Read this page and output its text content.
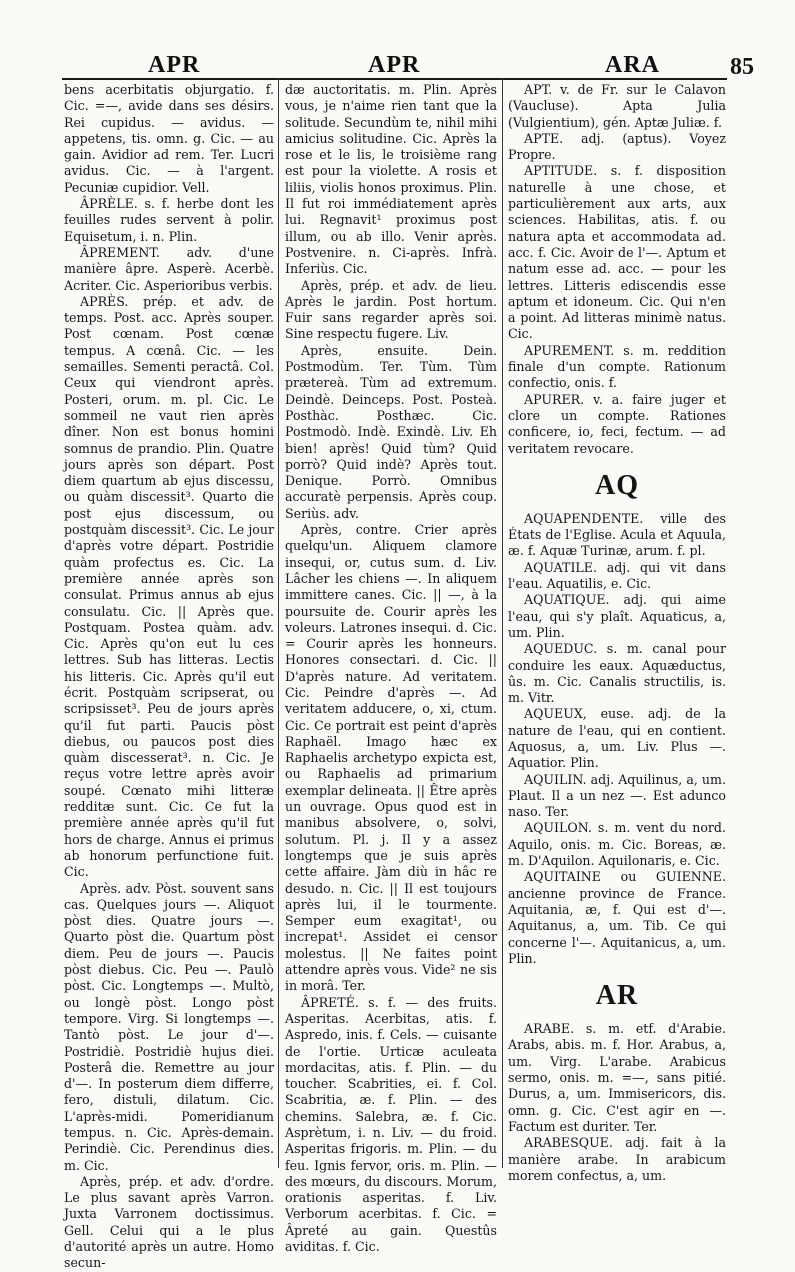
APR	APR	ARA	85

bens acerbitatis objurgatio. f. Cic. =—, avide dans ses désirs. Rei cupidus. — avidus. — appetens, tis. omn. g. Cic. — au gain. Avidior ad rem. Ter. Lucri avidus. Cic. — à l'argent. Pecuniæ cupidior. Vell.

ÂPRÈLE. s. f. herbe dont les feuilles rudes servent à polir. Equisetum, i. n. Plin.

ÂPREMENT. adv. d'une manière âpre. Asperè. Acerbè. Acriter. Cic. Asperioribus verbis.

APRÈS. prép. et adv. de temps. Post. acc. Après souper. Post cœnam. Post cœnæ tempus. A cœnâ. Cic. — les semailles. Sementi peractâ. Col. Ceux qui viendront après. Posteri, orum. m. pl. Cic. Le sommeil ne vaut rien après dîner. Non est bonus homini somnus de prandio. Plin. Quatre jours après son départ. Post diem quartum ab ejus discessu, ou quàm discessit³. Quarto die post ejus discessum, ou postquàm discessit³. Cic. Le jour d'après votre départ. Postridie quàm profectus es. Cic. La première année après son consulat. Primus annus ab ejus consulatu. Cic. || Après que. Postquam. Postea quàm. adv. Cic. Après qu'on eut lu ces lettres. Sub has litteras. Lectis his litteris. Cic. Après qu'il eut écrit. Postquàm scripserat, ou scripsisset³. Peu de jours après qu'il fut parti. Paucis pòst diebus, ou paucos post dies quàm discesserat³. n. Cic. Je reçus votre lettre après avoir soupé. Cœnato mihi litteræ redditæ sunt. Cic. Ce fut la première année après qu'il fut hors de charge. Annus ei primus ab honorum perfunctione fuit. Cic.

Après. adv. Pòst. souvent sans cas. Quelques jours —. Aliquot pòst dies. Quatre jours —. Quarto pòst die. Quartum pòst diem. Peu de jours —. Paucis pòst diebus. Cic. Peu —. Paulò pòst. Cic. Longtemps —. Multò, ou longè pòst. Longo pòst tempore. Virg. Si longtemps —. Tantò pòst. Le jour d'—. Postridiè. Postridiè hujus diei. Posterâ die. Remettre au jour d'—. In posterum diem differre, fero, distuli, dilatum. Cic. L'après-midi. Pomeridianum tempus. n. Cic. Après-demain. Perindiè. Cic. Perendinus dies. m. Cic.

Après, prép. et adv. d'ordre. Le plus savant après Varron. Juxta Varronem doctissimus. Gell. Celui qui a le plus d'autorité après un autre. Homo secun-

dæ auctoritatis. m. Plin. Après vous, je n'aime rien tant que la solitude. Secundùm te, nihil mihi amicius solitudine. Cic. Après la rose et le lis, le troisième rang est pour la violette. A rosis et liliis, violis honos proximus. Plin. Il fut roi immédiatement après lui. Regnavit¹ proximus post illum, ou ab illo. Venir après. Postvenire. n. Ci-après. Infrà. Inferiùs. Cic.

Après, prép. et adv. de lieu. Après le jardin. Post hortum. Fuir sans regarder après soi. Sine respectu fugere. Liv.

Après, ensuite. Dein. Postmodùm. Ter. Tùm. Tùm prætereà. Tùm ad extremum. Deindè. Deinceps. Post. Posteà. Posthàc. Posthæc. Cic. Postmodò. Indè. Exindè. Liv. Eh bien! après! Quid tùm? Quid porrò? Quid indè? Après tout. Denique. Porrò. Omnibus accuratè perpensis. Après coup. Seriùs. adv.

Après, contre. Crier après quelqu'un. Aliquem clamore insequi, or, cutus sum. d. Liv. Lâcher les chiens —. In aliquem immittere canes. Cic. || —, à la poursuite de. Courir après les voleurs. Latrones insequi. d. Cic. = Courir après les honneurs. Honores consectari. d. Cic. || D'après nature. Ad veritatem. Cic. Peindre d'après —. Ad veritatem adducere, o, xi, ctum. Cic. Ce portrait est peint d'après Raphaël. Imago hæc ex Raphaelis archetypo expicta est, ou Raphaelis ad primarium exemplar delineata. || Être après un ouvrage. Opus quod est in manibus absolvere, o, solvi, solutum. Pl. j. Il y a assez longtemps que je suis après cette affaire. Jàm diù in hâc re desudo. n. Cic. || Il est toujours après lui, il le tourmente. Semper eum exagitat¹, ou increpat¹. Assidet ei censor molestus. || Ne faites point attendre après vous. Vide² ne sis in morâ. Ter.

ÂPRETÉ. s. f. — des fruits. Asperitas. Acerbitas, atis. f. Aspredo, inis. f. Cels. — cuisante de l'ortie. Urticæ aculeata mordacitas, atis. f. Plin. — du toucher. Scabrities, ei. f. Col. Scabritia, æ. f. Plin. — des chemins. Salebra, æ. f. Cic. Asprètum, i. n. Liv. — du froid. Asperitas frigoris. m. Plin. — du feu. Ignis fervor, oris. m. Plin. — des mœurs, du discours. Morum, orationis asperitas. f. Liv. Verborum acerbitas. f. Cic. = Âpreté au gain. Questûs aviditas. f. Cic.

APT. v. de Fr. sur le Calavon (Vaucluse). Apta Julia (Vulgientium), gén. Aptæ Juliæ. f.

APTE. adj. (aptus). Voyez Propre.

APTITUDE. s. f. disposition naturelle à une chose, et particulièrement aux arts, aux sciences. Habilitas, atis. f. ou natura apta et accommodata ad. acc. f. Cic. Avoir de l'—. Aptum et natum esse ad. acc. — pour les lettres. Litteris ediscendis esse aptum et idoneum. Cic. Qui n'en a point. Ad litteras minimè natus. Cic.

APUREMENT. s. m. reddition finale d'un compte. Rationum confectio, onis. f.

APURER. v. a. faire juger et clore un compte. Rationes conficere, io, feci, fectum. — ad veritatem revocare.

AQ

AQUAPENDENTE. ville des États de l'Eglise. Acula et Aquula, æ. f. Aquæ Turinæ, arum. f. pl.

AQUATILE. adj. qui vit dans l'eau. Aquatilis, e. Cic.

AQUATIQUE. adj. qui aime l'eau, qui s'y plaît. Aquaticus, a, um. Plin.

AQUEDUC. s. m. canal pour conduire les eaux. Aquæductus, ûs. m. Cic. Canalis structilis, is. m. Vitr.

AQUEUX, euse. adj. de la nature de l'eau, qui en contient. Aquosus, a, um. Liv. Plus —. Aquatior. Plin.

AQUILIN. adj. Aquilinus, a, um. Plaut. Il a un nez —. Est adunco naso. Ter.

AQUILON. s. m. vent du nord. Aquilo, onis. m. Cic. Boreas, æ. m. D'Aquilon. Aquilonaris, e. Cic.

AQUITAINE ou GUIENNE. ancienne province de France. Aquitania, æ, f. Qui est d'—. Aquitanus, a, um. Tib. Ce qui concerne l'—. Aquitanicus, a, um. Plin.

AR

ARABE. s. m. etf. d'Arabie. Arabs, abis. m. f. Hor. Arabus, a, um. Virg. L'arabe. Arabicus sermo, onis. m. =—, sans pitié. Durus, a, um. Immisericors, dis. omn. g. Cic. C'est agir en —. Factum est duriter. Ter.

ARABESQUE. adj. fait à la manière arabe. In arabicum morem confectus, a, um.
